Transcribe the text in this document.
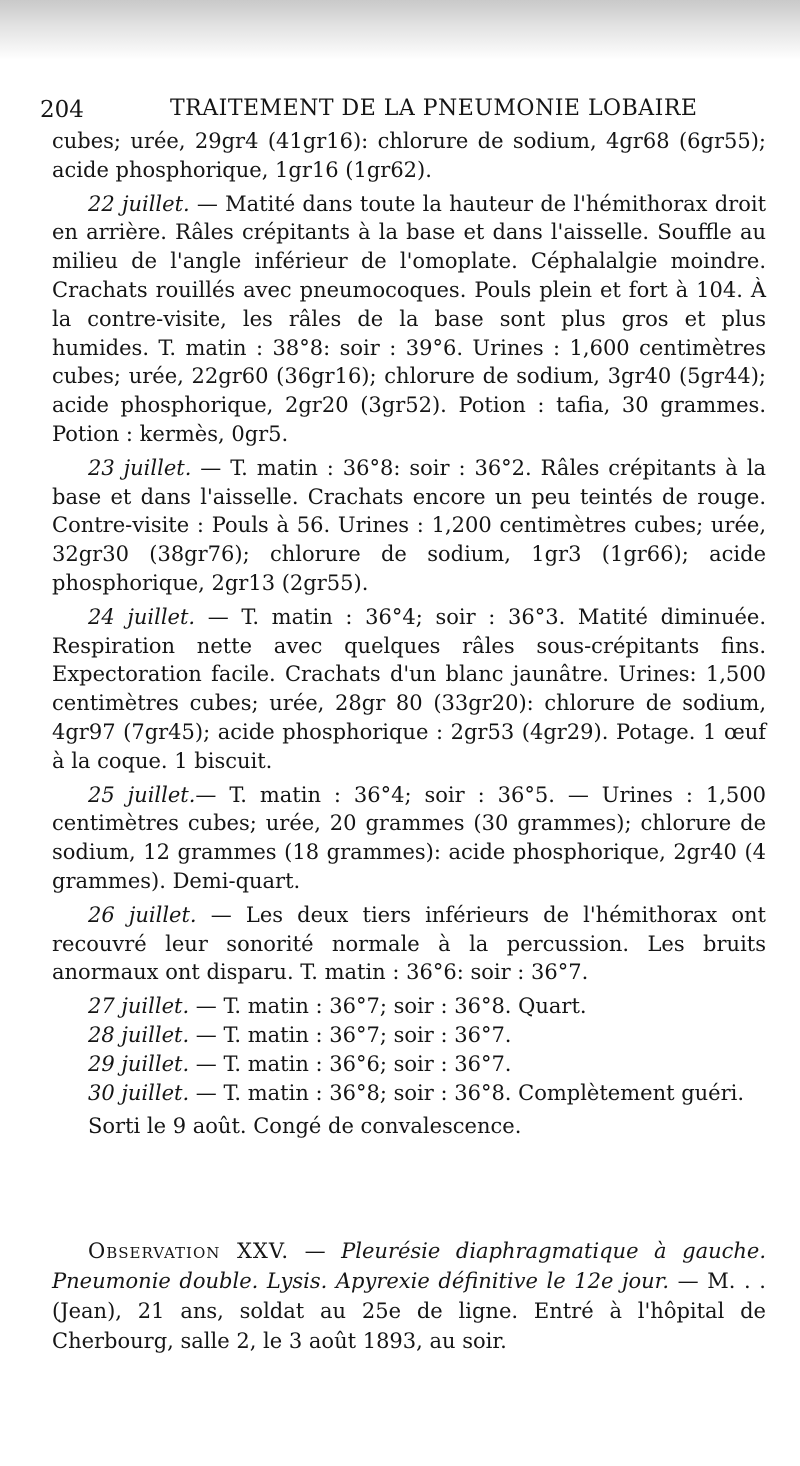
204	TRAITEMENT DE LA PNEUMONIE LOBAIRE

cubes; urée, 29gr4 (41gr16): chlorure de sodium, 4gr68 (6gr55); acide phosphorique, 1gr16 (1gr62).

22 juillet. — Matité dans toute la hauteur de l'hémithorax droit en arrière. Râles crépitants à la base et dans l'aisselle. Souffle au milieu de l'angle inférieur de l'omoplate. Céphalalgie moindre. Crachats rouillés avec pneumocoques. Pouls plein et fort à 104. À la contre-visite, les râles de la base sont plus gros et plus humides. T. matin : 38°8: soir : 39°6. Urines : 1,600 centimètres cubes; urée, 22gr60 (36gr16); chlorure de sodium, 3gr40 (5gr44); acide phosphorique, 2gr20 (3gr52). Potion : tafia, 30 grammes. Potion : kermès, 0gr5.

23 juillet. — T. matin : 36°8: soir : 36°2. Râles crépitants à la base et dans l'aisselle. Crachats encore un peu teintés de rouge. Contre-visite : Pouls à 56. Urines : 1,200 centimètres cubes; urée, 32gr30 (38gr76); chlorure de sodium, 1gr3 (1gr66); acide phosphorique, 2gr13 (2gr55).

24 juillet. — T. matin : 36°4; soir : 36°3. Matité diminuée. Respiration nette avec quelques râles sous-crépitants fins. Expectoration facile. Crachats d'un blanc jaunâtre. Urines: 1,500 centimètres cubes; urée, 28gr 80 (33gr20): chlorure de sodium, 4gr97 (7gr45); acide phosphorique : 2gr53 (4gr29). Potage. 1 œuf à la coque. 1 biscuit.

25 juillet.— T. matin : 36°4; soir : 36°5. — Urines : 1,500 centimètres cubes; urée, 20 grammes (30 grammes); chlorure de sodium, 12 grammes (18 grammes): acide phosphorique, 2gr40 (4 grammes). Demi-quart.

26 juillet. — Les deux tiers inférieurs de l'hémithorax ont recouvré leur sonorité normale à la percussion. Les bruits anormaux ont disparu. T. matin : 36°6: soir : 36°7.

27 juillet. — T. matin : 36°7; soir : 36°8. Quart.

28 juillet. — T. matin : 36°7; soir : 36°7.

29 juillet. — T. matin : 36°6; soir : 36°7.

30 juillet. — T. matin : 36°8; soir : 36°8. Complètement guéri.

Sorti le 9 août. Congé de convalescence.

Observation XXV. — Pleurésie diaphragmatique à gauche. Pneumonie double. Lysis. Apyrexie définitive le 12e jour. — M. . . (Jean), 21 ans, soldat au 25e de ligne. Entré à l'hôpital de Cherbourg, salle 2, le 3 août 1893, au soir.
